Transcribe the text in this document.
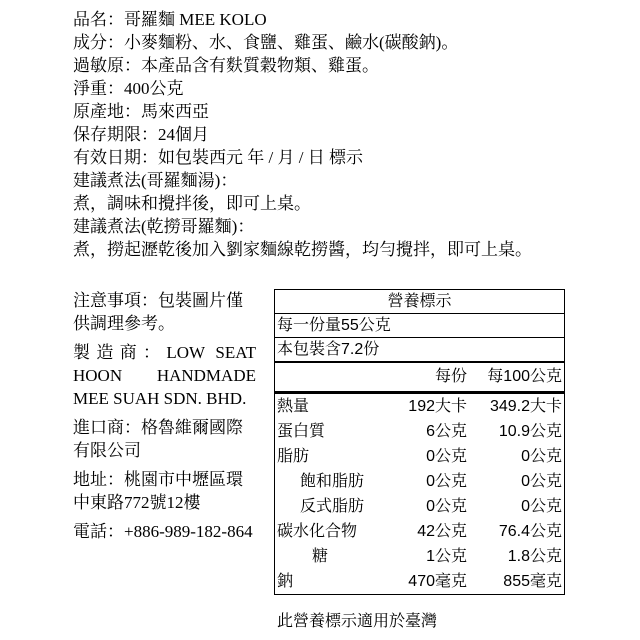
品名：哥羅麵 MEE KOLO
成分：小麥麵粉、水、食鹽、雞蛋、鹼水(碳酸鈉)。
過敏原：本產品含有麩質穀物類、雞蛋。
淨重：400公克
原產地：馬來西亞
保存期限：24個月
有效日期：如包裝西元 年 / 月 / 日 標示
建議煮法(哥羅麵湯)：
煮，調味和攪拌後，即可上桌。
建議煮法(乾撈哥羅麵)：
煮，撈起瀝乾後加入劉家麵線乾撈醬，均勻攪拌，即可上桌。
注意事項：包裝圖片僅供調理參考。
製造商：LOW SEAT HOON HANDMADE MEE SUAH SDN. BHD.
進口商：格魯維爾國際有限公司
地址：桃園市中壢區環中東路772號12樓
電話：+886-989-182-864
營養標示
每一份量55公克
本包裝含7.2份
每份 每100公克
熱量	192大卡 349.2大卡
蛋白質	6公克 10.9公克
脂肪	0公克	0公克
飽和脂肪	0公克	0公克
反式脂肪	0公克	0公克
碳水化合物	42公克 76.4公克
糖	1公克	1.8公克
鈉	470毫克 855毫克
此營養標示適用於臺灣
